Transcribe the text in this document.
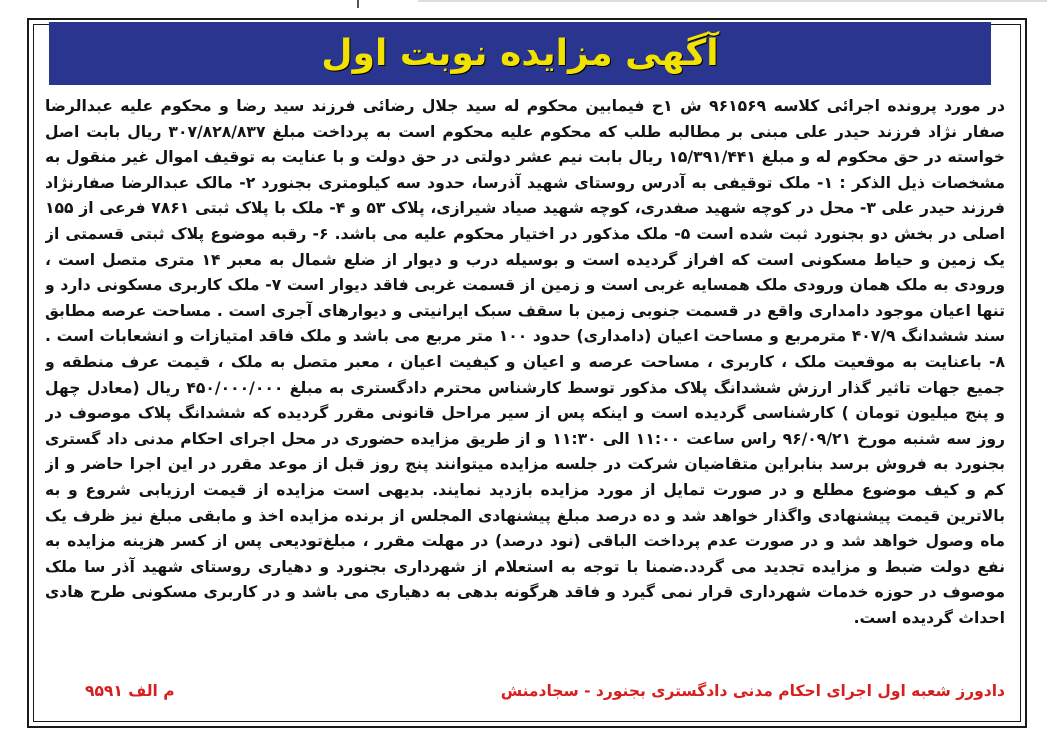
آگهی مزایده نوبت اول

در مورد پرونده اجرائی کلاسه ۹۶۱۵۶۹ ش ۱ح فیمابین محکوم له سید جلال رضائی فرزند سید رضا و محکوم علیه عبدالرضا صفار نژاد فرزند حیدر علی مبنی بر مطالبه طلب که محکوم علیه محکوم است به پرداخت مبلغ ۳۰۷/۸۲۸/۸۳۷ ریال بابت اصل خواسته در حق محکوم له و مبلغ ۱۵/۳۹۱/۴۴۱ ریال بابت نیم عشر دولتی در حق دولت و با عنایت به توقیف اموال غیر منقول به مشخصات ذیل الذکر : ۱- ملک توقیفی به آدرس روستای شهید آذرسا، حدود سه کیلومتری بجنورد ۲- مالک عبدالرضا صفارنژاد فرزند حیدر علی ۳- محل در کوچه شهید صفدری، کوچه شهید صیاد شیرازی، پلاک ۵۳ و ۴- ملک با پلاک ثبتی ۷۸۶۱ فرعی از ۱۵۵ اصلی در بخش دو بجنورد ثبت شده است ۵- ملک مذکور در اختیار محکوم علیه می باشد. ۶- رقبه موضوع پلاک ثبتی قسمتی از یک زمین و حیاط مسکونی است که افراز گردیده است و بوسیله درب و دیوار از ضلع شمال به معبر ۱۴ متری متصل است ، ورودی به ملک همان ورودی ملک همسایه غربی است و زمین از قسمت غربی فاقد دیوار است ۷- ملک کاربری مسکونی دارد و تنها اعیان موجود دامداری واقع در قسمت جنوبی زمین با سقف سبک ایرانیتی و دیوارهای آجری است . مساحت عرصه مطابق سند ششدانگ ۴۰۷/۹ مترمربع و مساحت اعیان (دامداری) حدود ۱۰۰ متر مربع می باشد و ملک فاقد امتیازات و انشعابات است . ۸- باعنایت به موقعیت ملک ، کاربری ، مساحت عرصه و اعیان و کیفیت اعیان ، معبر متصل به ملک ، قیمت عرف منطقه و جمیع جهات تاثیر گذار ارزش ششدانگ پلاک مذکور توسط کارشناس محترم دادگستری به مبلغ ۴۵۰/۰۰۰/۰۰۰ ریال (معادل چهل و پنج میلیون تومان ) کارشناسی گردیده است و اینکه پس از سیر مراحل قانونی مقرر گردیده که ششدانگ پلاک موصوف در روز سه شنبه مورخ ۹۶/۰۹/۲۱ راس ساعت ۱۱:۰۰ الی ۱۱:۳۰ و از طریق مزایده حضوری در محل اجرای احکام مدنی داد گستری بجنورد به فروش برسد بنابراین متقاضیان شرکت در جلسه مزایده میتوانند پنج روز قبل از موعد مقرر در این اجرا حاضر و از کم و کیف موضوع مطلع و در صورت تمایل از مورد مزایده بازدید نمایند. بدیهی است مزایده از قیمت ارزیابی شروع و به بالاترین قیمت پیشنهادی واگذار خواهد شد و ده درصد مبلغ پیشنهادی المجلس از برنده مزایده اخذ و مابقی مبلغ نیز ظرف یک ماه وصول خواهد شد و در صورت عدم پرداخت الباقی (نود درصد) در مهلت مقرر ، مبلغ‌تودیعی پس از کسر هزینه مزایده به نفع دولت ضبط و مزایده تجدید می گردد.ضمنا با توجه به استعلام از شهرداری بجنورد و دهیاری روستای شهید آذر سا ملک موصوف در حوزه خدمات شهرداری قرار نمی گیرد و فاقد هرگونه بدهی به دهیاری می باشد و در کاربری مسکونی طرح هادی احداث گردیده است.

دادورز شعبه اول اجرای احکام مدنی دادگستری بجنورد - سجادمنش
م الف ۹۵۹۱
